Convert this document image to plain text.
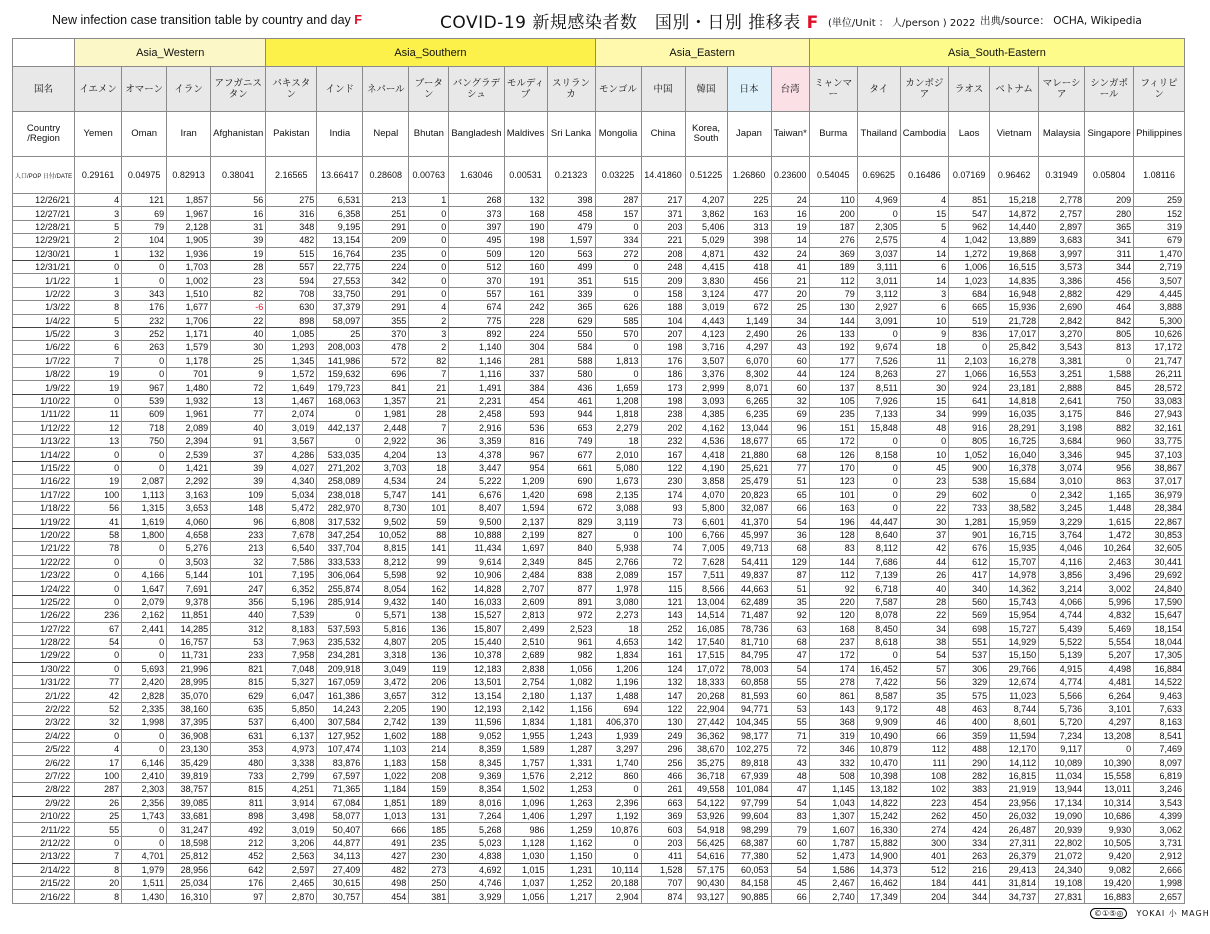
New infection case transition table by country and day F	COVID-19 新規感染者数　国別・日別 推移表 F (単位/Unit ： 人/person ) 2022 出典/source： OCHA, Wikipedia
	Asia_Western				Asia_Southern							Asia_Eastern					Asia_South-Eastern							
国名	イエメン	オマーン	イラン	アフガニスタン	パキスタン	インド	ネパール	ブータン	バングラデシュ	モルディブ	スリランカ	モンゴル	中国	韓国	日本	台湾	ミャンマー	タイ	カンボジア	ラオス	ベトナム	マレーシア	シンガポール	フィリピン
Country /Region	Yemen	Oman	Iran	Afghanistan	Pakistan	India	Nepal	Bhutan	Bangladesh	Maldives	Sri Lanka	Mongolia	China	Korea, South	Japan	Taiwan*	Burma	Thailand	Cambodia	Laos	Vietnam	Malaysia	Singapore	Philippines
人口/POP 日付/DATE	0.29161	0.04975	0.82913	0.38041	2.16565	13.66417	0.28608	0.00763	1.63046	0.00531	0.21323	0.03225	14.41860	0.51225	1.26860	0.23600	0.54045	0.69625	0.16486	0.07169	0.96462	0.31949	0.05804	1.08116
12/26/21	4	121	1,857	56	275	6,531	213	1	268	132	398	287	217	4,207	225	24	110	4,969	4	851	15,218	2,778	209	259
12/27/21	3	69	1,967	16	316	6,358	251	0	373	168	458	157	371	3,862	163	16	200	0	15	547	14,872	2,757	280	152
12/28/21	5	79	2,128	31	348	9,195	291	0	397	190	479	0	203	5,406	313	19	187	2,305	5	962	14,440	2,897	365	319
12/29/21	2	104	1,905	39	482	13,154	209	0	495	198	1,597	334	221	5,029	398	14	276	2,575	4	1,042	13,889	3,683	341	679
12/30/21	1	132	1,936	19	515	16,764	235	0	509	120	563	272	208	4,871	432	24	369	3,037	14	1,272	19,868	3,997	311	1,470
12/31/21	0	0	1,703	28	557	22,775	224	0	512	160	499	0	248	4,415	418	41	189	3,111	6	1,006	16,515	3,573	344	2,719
1/1/22	1	0	1,002	23	594	27,553	342	0	370	191	351	515	209	3,830	456	21	112	3,011	14	1,023	14,835	3,386	456	3,507
1/2/22	3	343	1,510	82	708	33,750	291	0	557	161	339	0	158	3,124	477	20	79	3,112	3	684	16,948	2,882	429	4,445
1/3/22	8	176	1,677	-6	630	37,379	291	4	674	242	365	626	188	3,019	672	25	130	2,927	6	665	15,936	2,690	464	3,888
1/4/22	5	232	1,706	22	898	58,097	355	2	775	228	629	585	104	4,443	1,149	34	144	3,091	10	519	21,728	2,842	842	5,300
1/5/22	3	252	1,171	40	1,085	25	370	3	892	224	550	570	207	4,123	2,490	26	133	0	9	836	17,017	3,270	805	10,626
1/6/22	6	263	1,579	30	1,293	208,003	478	2	1,140	304	584	0	198	3,716	4,297	43	192	9,674	18	0	25,842	3,543	813	17,172
1/7/22	7	0	1,178	25	1,345	141,986	572	82	1,146	281	588	1,813	176	3,507	6,070	60	177	7,526	11	2,103	16,278	3,381	0	21,747
1/8/22	19	0	701	9	1,572	159,632	696	7	1,116	337	580	0	186	3,376	8,302	44	124	8,263	27	1,066	16,553	3,251	1,588	26,211
1/9/22	19	967	1,480	72	1,649	179,723	841	21	1,491	384	436	1,659	173	2,999	8,071	60	137	8,511	30	924	23,181	2,888	845	28,572
1/10/22	0	539	1,932	13	1,467	168,063	1,357	21	2,231	454	461	1,208	198	3,093	6,265	32	105	7,926	15	641	14,818	2,641	750	33,083
1/11/22	11	609	1,961	77	2,074	0	1,981	28	2,458	593	944	1,818	238	4,385	6,235	69	235	7,133	34	999	16,035	3,175	846	27,943
1/12/22	12	718	2,089	40	3,019	442,137	2,448	7	2,916	536	653	2,279	202	4,162	13,044	96	151	15,848	48	916	28,291	3,198	882	32,161
1/13/22	13	750	2,394	91	3,567	0	2,922	36	3,359	816	749	18	232	4,536	18,677	65	172	0	0	805	16,725	3,684	960	33,775
1/14/22	0	0	2,539	37	4,286	533,035	4,204	13	4,378	967	677	2,010	167	4,418	21,880	68	126	8,158	10	1,052	16,040	3,346	945	37,103
1/15/22	0	0	1,421	39	4,027	271,202	3,703	18	3,447	954	661	5,080	122	4,190	25,621	77	170	0	45	900	16,378	3,074	956	38,867
1/16/22	19	2,087	2,292	39	4,340	258,089	4,534	24	5,222	1,209	690	1,673	230	3,858	25,479	51	123	0	23	538	15,684	3,010	863	37,017
1/17/22	100	1,113	3,163	109	5,034	238,018	5,747	141	6,676	1,420	698	2,135	174	4,070	20,823	65	101	0	29	602	0	2,342	1,165	36,979
1/18/22	56	1,315	3,653	148	5,472	282,970	8,730	101	8,407	1,594	672	3,088	93	5,800	32,087	66	163	0	22	733	38,582	3,245	1,448	28,384
1/19/22	41	1,619	4,060	96	6,808	317,532	9,502	59	9,500	2,137	829	3,119	73	6,601	41,370	54	196	44,447	30	1,281	15,959	3,229	1,615	22,867
1/20/22	58	1,800	4,658	233	7,678	347,254	10,052	88	10,888	2,199	827	0	100	6,766	45,997	36	128	8,640	37	901	16,715	3,764	1,472	30,853
1/21/22	78	0	5,276	213	6,540	337,704	8,815	141	11,434	1,697	840	5,938	74	7,005	49,713	68	83	8,112	42	676	15,935	4,046	10,264	32,605
1/22/22	0	0	3,503	32	7,586	333,533	8,212	99	9,614	2,349	845	2,766	72	7,628	54,411	129	144	7,686	44	612	15,707	4,116	2,463	30,441
1/23/22	0	4,166	5,144	101	7,195	306,064	5,598	92	10,906	2,484	838	2,089	157	7,511	49,837	87	112	7,139	26	417	14,978	3,856	3,496	29,692
1/24/22	0	1,647	7,691	247	6,352	255,874	8,054	162	14,828	2,707	877	1,978	115	8,566	44,663	51	92	6,718	40	340	14,362	3,214	3,002	24,840
1/25/22	0	2,079	9,378	356	5,196	285,914	9,432	140	16,033	2,609	891	3,080	121	13,004	62,489	35	220	7,587	28	560	15,743	4,066	5,996	17,590
1/26/22	236	2,162	11,851	440	7,539	0	5,571	138	15,527	2,813	972	2,273	143	14,514	71,487	92	120	8,078	22	569	15,954	4,744	4,832	15,647
1/27/22	67	2,441	14,285	312	8,183	537,593	5,816	136	15,807	2,499	2,523	18	252	16,085	78,736	63	168	8,450	34	698	15,727	5,439	5,469	18,154
1/28/22	54	0	16,757	53	7,963	235,532	4,807	205	15,440	2,510	961	4,653	142	17,540	81,710	68	237	8,618	38	551	14,929	5,522	5,554	18,044
1/29/22	0	0	11,731	233	7,958	234,281	3,318	136	10,378	2,689	982	1,834	161	17,515	84,795	47	172	0	54	537	15,150	5,139	5,207	17,305
1/30/22	0	5,693	21,996	821	7,048	209,918	3,049	119	12,183	2,838	1,056	1,206	124	17,072	78,003	54	174	16,452	57	306	29,766	4,915	4,498	16,884
1/31/22	77	2,420	28,995	815	5,327	167,059	3,472	206	13,501	2,754	1,082	1,196	132	18,333	60,858	55	278	7,422	56	329	12,674	4,774	4,481	14,522
2/1/22	42	2,828	35,070	629	6,047	161,386	3,657	312	13,154	2,180	1,137	1,488	147	20,268	81,593	60	861	8,587	35	575	11,023	5,566	6,264	9,463
2/2/22	52	2,335	38,160	635	5,850	14,243	2,205	190	12,193	2,142	1,156	694	122	22,904	94,771	53	143	9,172	48	463	8,744	5,736	3,101	7,633
2/3/22	32	1,998	37,395	537	6,400	307,584	2,742	139	11,596	1,834	1,181	406,370	130	27,442	104,345	55	368	9,909	46	400	8,601	5,720	4,297	8,163
2/4/22	0	0	36,908	631	6,137	127,952	1,602	188	9,052	1,955	1,243	1,939	249	36,362	98,177	71	319	10,490	66	359	11,594	7,234	13,208	8,541
2/5/22	4	0	23,130	353	4,973	107,474	1,103	214	8,359	1,589	1,287	3,297	296	38,670	102,275	72	346	10,879	112	488	12,170	9,117	0	7,469
2/6/22	17	6,146	35,429	480	3,338	83,876	1,183	158	8,345	1,757	1,331	1,740	256	35,275	89,818	43	332	10,470	111	290	14,112	10,089	10,390	8,097
2/7/22	100	2,410	39,819	733	2,799	67,597	1,022	208	9,369	1,576	2,212	860	466	36,718	67,939	48	508	10,398	108	282	16,815	11,034	15,558	6,819
2/8/22	287	2,303	38,757	815	4,251	71,365	1,184	159	8,354	1,502	1,253	0	261	49,558	101,084	47	1,145	13,182	102	383	21,919	13,944	13,011	3,246
2/9/22	26	2,356	39,085	811	3,914	67,084	1,851	189	8,016	1,096	1,263	2,396	663	54,122	97,799	54	1,043	14,822	223	454	23,956	17,134	10,314	3,543
2/10/22	25	1,743	33,681	898	3,498	58,077	1,013	131	7,264	1,406	1,297	1,192	369	53,926	99,604	83	1,307	15,242	262	450	26,032	19,090	10,686	4,399
2/11/22	55	0	31,247	492	3,019	50,407	666	185	5,268	986	1,259	10,876	603	54,918	98,299	79	1,607	16,330	274	424	26,487	20,939	9,930	3,062
2/12/22	0	0	18,598	212	3,206	44,877	491	235	5,023	1,128	1,162	0	203	56,425	68,387	60	1,787	15,882	300	334	27,311	22,802	10,505	3,731
2/13/22	7	4,701	25,812	452	2,563	34,113	427	230	4,838	1,030	1,150	0	411	54,616	77,380	52	1,473	14,900	401	263	26,379	21,072	9,420	2,912
2/14/22	8	1,979	28,956	642	2,597	27,409	482	273	4,692	1,015	1,231	10,114	1,528	57,175	60,053	54	1,586	14,373	512	216	29,413	24,340	9,082	2,666
2/15/22	20	1,511	25,034	176	2,465	30,615	498	250	4,746	1,037	1,252	20,188	707	90,430	84,158	45	2,467	16,462	184	441	31,814	19,108	19,420	1,998
2/16/22	8	1,430	16,310	97	2,870	30,757	454	381	3,929	1,056	1,217	2,904	874	93,127	90,885	66	2,740	17,349	204	344	34,737	27,831	16,883	2,657
©①⑤◎ YOKAI 小 MAGH
